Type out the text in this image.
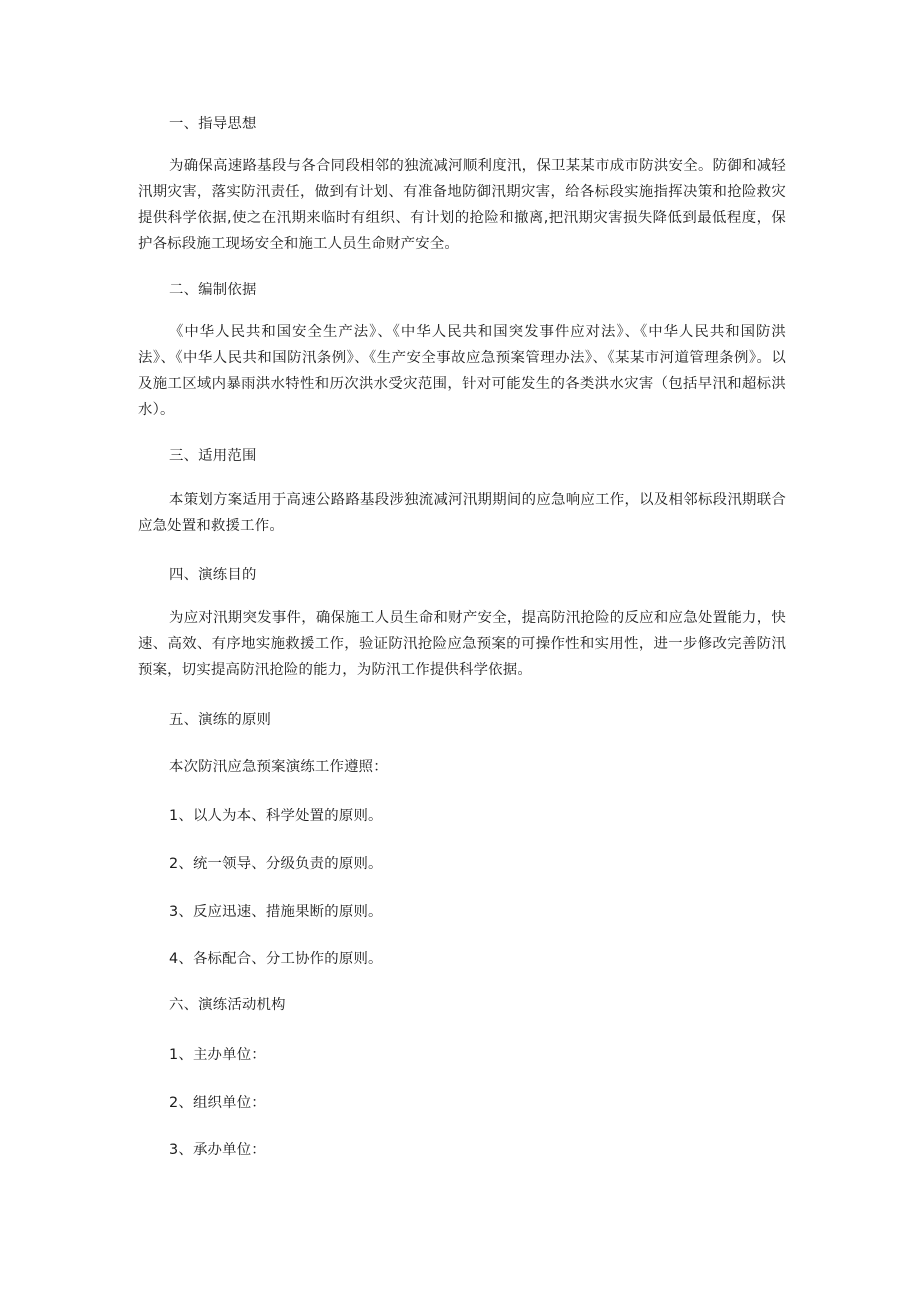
一、指导思想

为确保高速路基段与各合同段相邻的独流减河顺利度汛，保卫某某市成市防洪安全。防御和减轻汛期灾害，落实防汛责任，做到有计划、有准备地防御汛期灾害，给各标段实施指挥决策和抢险救灾提供科学依据,使之在汛期来临时有组织、有计划的抢险和撤离,把汛期灾害损失降低到最低程度，保护各标段施工现场安全和施工人员生命财产安全。

二、编制依据

《中华人民共和国安全生产法》、《中华人民共和国突发事件应对法》、《中华人民共和国防洪法》、《中华人民共和国防汛条例》、《生产安全事故应急预案管理办法》、《某某市河道管理条例》。以及施工区域内暴雨洪水特性和历次洪水受灾范围，针对可能发生的各类洪水灾害（包括早汛和超标洪水）。

三、适用范围

本策划方案适用于高速公路路基段涉独流减河汛期期间的应急响应工作，以及相邻标段汛期联合应急处置和救援工作。

四、演练目的

为应对汛期突发事件，确保施工人员生命和财产安全，提高防汛抢险的反应和应急处置能力，快速、高效、有序地实施救援工作，验证防汛抢险应急预案的可操作性和实用性，进一步修改完善防汛预案，切实提高防汛抢险的能力，为防汛工作提供科学依据。

五、演练的原则

本次防汛应急预案演练工作遵照：

1、以人为本、科学处置的原则。

2、统一领导、分级负责的原则。

3、反应迅速、措施果断的原则。

4、各标配合、分工协作的原则。

六、演练活动机构

1、主办单位：

2、组织单位：

3、承办单位：
